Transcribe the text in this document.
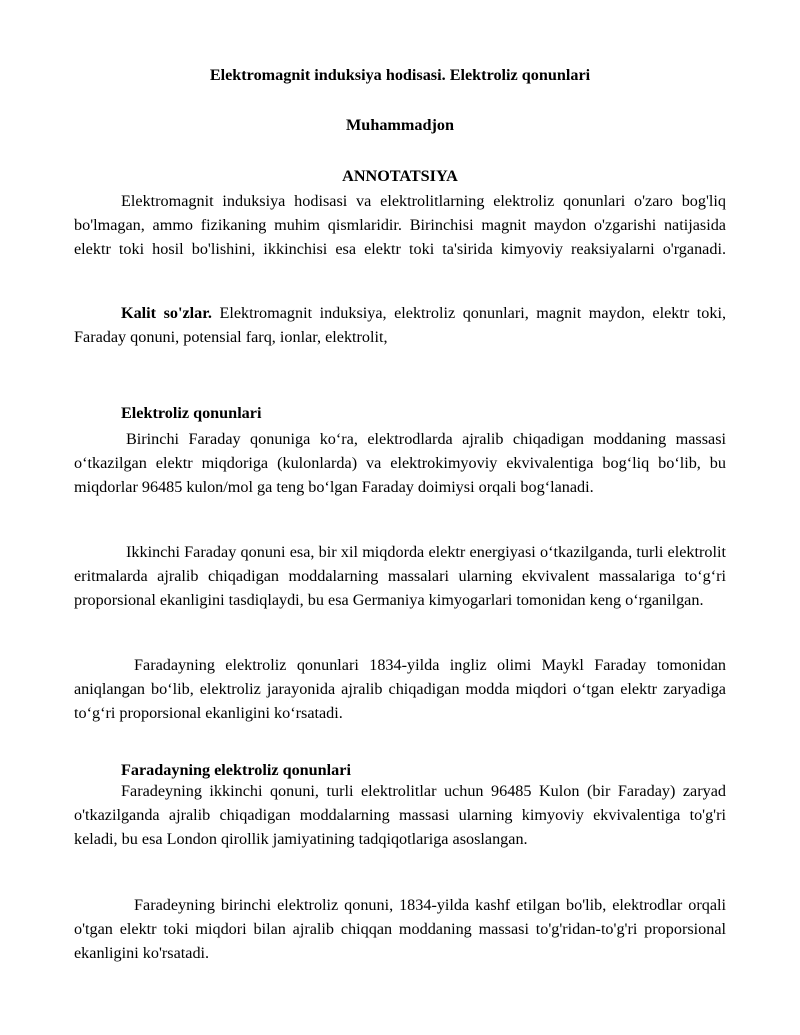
Elektromagnit induksiya hodisasi. Elektroliz qonunlari
Muhammadjon
ANNOTATSIYA

Elektromagnit induksiya hodisasi va elektrolitlarning elektroliz qonunlari o'zaro bog'liq bo'lmagan, ammo fizikaning muhim qismlaridir. Birinchisi magnit maydon o'zgarishi natijasida elektr toki hosil bo'lishini, ikkinchisi esa elektr toki ta'sirida kimyoviy reaksiyalarni o'rganadi.

Kalit so'zlar. Elektromagnit induksiya, elektroliz qonunlari, magnit maydon, elektr toki, Faraday qonuni, potensial farq, ionlar, elektrolit,

Elektroliz qonunlari

Birinchi Faraday qonuniga koʻra, elektrodlarda ajralib chiqadigan moddaning massasi oʻtkazilgan elektr miqdoriga (kulonlarda) va elektrokimyoviy ekvivalentiga bogʻliq boʻlib, bu miqdorlar 96485 kulon/mol ga teng boʻlgan Faraday doimiysi orqali bogʻlanadi.

Ikkinchi Faraday qonuni esa, bir xil miqdorda elektr energiyasi oʻtkazilganda, turli elektrolit eritmalarda ajralib chiqadigan moddalarning massalari ularning ekvivalent massalariga toʻgʻri proporsional ekanligini tasdiqlaydi, bu esa Germaniya kimyogarlari tomonidan keng oʻrganilgan.

Faradayning elektroliz qonunlari 1834-yilda ingliz olimi Maykl Faraday tomonidan aniqlangan boʻlib, elektroliz jarayonida ajralib chiqadigan modda miqdori oʻtgan elektr zaryadiga toʻgʻri proporsional ekanligini koʻrsatadi.

Faradayning elektroliz qonunlari

Faradeyning ikkinchi qonuni, turli elektrolitlar uchun 96485 Kulon (bir Faraday) zaryad o'tkazilganda ajralib chiqadigan moddalarning massasi ularning kimyoviy ekvivalentiga to'g'ri keladi, bu esa London qirollik jamiyatining tadqiqotlariga asoslangan.

Faradeyning birinchi elektroliz qonuni, 1834-yilda kashf etilgan bo'lib, elektrodlar orqali o'tgan elektr toki miqdori bilan ajralib chiqqan moddaning massasi to'g'ridan-to'g'ri proporsional ekanligini ko'rsatadi.
